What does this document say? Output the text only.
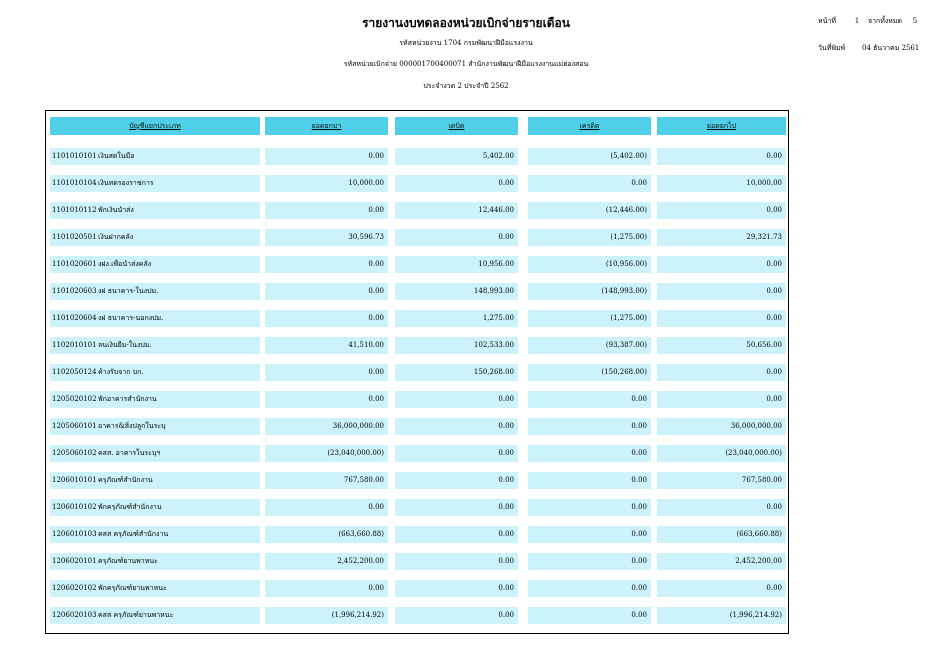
รายงานงบทดลองหน่วยเบิกจ่ายรายเดือน
รหัสหน่วยงาน 1704 กรมพัฒนาฝีมือแรงงาน
รหัสหน่วยเบิกจ่าย 000001700400071 สำนักงานพัฒนาฝีมือแรงงานแม่ฮ่องสอน
ประจำงวด 2 ประจำปี 2562
หน้าที่	1 จากทั้งหมด 5
วันที่พิมพ์ 04 ธันวาคม 2561
บัญชีแยกประเภท	ยอดยกมา	เดบิต	เครดิต	ยอดยกไป
1101010101เงินสดในมือ	0.00	5,402.00	(5,402.00)	0.00
1101010104เงินทดรองราชการ	10,000.00	0.00	0.00	10,000.00
1101010112พักเงินนำส่ง	0.00	12,446.00	(12,446.00)	0.00
1101020501เงินฝากคลัง	30,596.73	0.00	(1,275.00)	29,321.73
1101020601งฝง.เพื่อนำส่งคลัง	0.00	10,956.00	(10,956.00)	0.00
1101020603งฝ ธนาคาร-ในงปม.	0.00	148,993.00	(148,993.00)	0.00
1101020604งฝ ธนาคาร-นอกงปม.	0.00	1,275.00	(1,275.00)	0.00
1102010101ลนเงินยืม-ในงปม.	41,510.00	102,533.00	(93,387.00)	50,656.00
1102050124ค้างรับจาก บก.	0.00	150,268.00	(150,268.00)	0.00
1205020102พักอาคารสำนักงาน	0.00	0.00	0.00	0.00
1205060101อาคาร&สิ่งปลูกในระบุ	36,000,000.00	0.00	0.00	36,000,000.00
1205060102คสส. อาคารในระบุฯ	(23,040,000.00)	0.00	0.00	(23,040,000.00)
1206010101ครุภัณฑ์สำนักงาน	767,580.00	0.00	0.00	767,580.00
1206010102พักครุภัณฑ์สำนักงาน	0.00	0.00	0.00	0.00
1206010103คสส ครุภัณฑ์สำนักงาน	(663,660.88)	0.00	0.00	(663,660.88)
1206020101ครุภัณฑ์ยานพาหนะ	2,452,200.00	0.00	0.00	2,452,200.00
1206020102พักครุภัณฑ์ยานพาหนะ	0.00	0.00	0.00	0.00
1206020103คสส ครุภัณฑ์ยานพาหนะ	(1,996,214.92)	0.00	0.00	(1,996,214.92)
